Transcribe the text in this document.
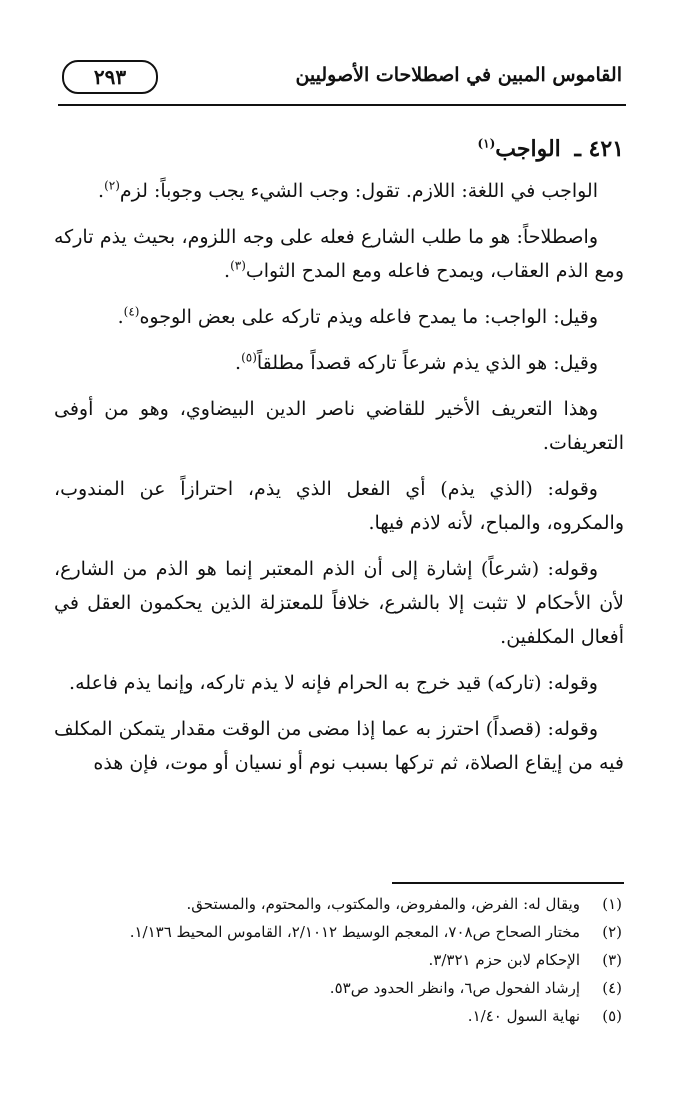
القاموس المبين في اصطلاحات الأصوليين
٢٩٣
٤٢١ ـ الواجب$^{(١)}$

الواجب في اللغة: اللازم. تقول: وجب الشيء يجب وجوباً: لزم$^{(٢)}$.

واصطلاحاً: هو ما طلب الشارع فعله على وجه اللزوم، بحيث يذم تاركه ومع الذم العقاب، ويمدح فاعله ومع المدح الثواب$^{(٣)}$.

وقيل: الواجب: ما يمدح فاعله ويذم تاركه على بعض الوجوه$^{(٤)}$.

وقيل: هو الذي يذم شرعاً تاركه قصداً مطلقاً$^{(٥)}$.

وهذا التعريف الأخير للقاضي ناصر الدين البيضاوي، وهو من أوفى التعريفات.

وقوله: (الذي يذم) أي الفعل الذي يذم، احترازاً عن المندوب، والمكروه، والمباح، لأنه لاذم فيها.

وقوله: (شرعاً) إشارة إلى أن الذم المعتبر إنما هو الذم من الشارع، لأن الأحكام لا تثبت إلا بالشرع، خلافاً للمعتزلة الذين يحكمون العقل في أفعال المكلفين.

وقوله: (تاركه) قيد خرج به الحرام فإنه لا يذم تاركه، وإنما يذم فاعله.

وقوله: (قصداً) احترز به عما إذا مضى من الوقت مقدار يتمكن المكلف فيه من إيقاع الصلاة، ثم تركها بسبب نوم أو نسيان أو موت، فإن هذه

(١)
ويقال له: الفرض، والمفروض، والمكتوب، والمحتوم، والمستحق.
(٢)
مختار الصحاح ص٧٠٨، المعجم الوسيط ٢/١٠١٢، القاموس المحيط ١/١٣٦.
(٣)
الإحكام لابن حزم ٣/٣٢١.
(٤)
إرشاد الفحول ص٦، وانظر الحدود ص٥٣.
(٥)
نهاية السول ١/٤٠.
